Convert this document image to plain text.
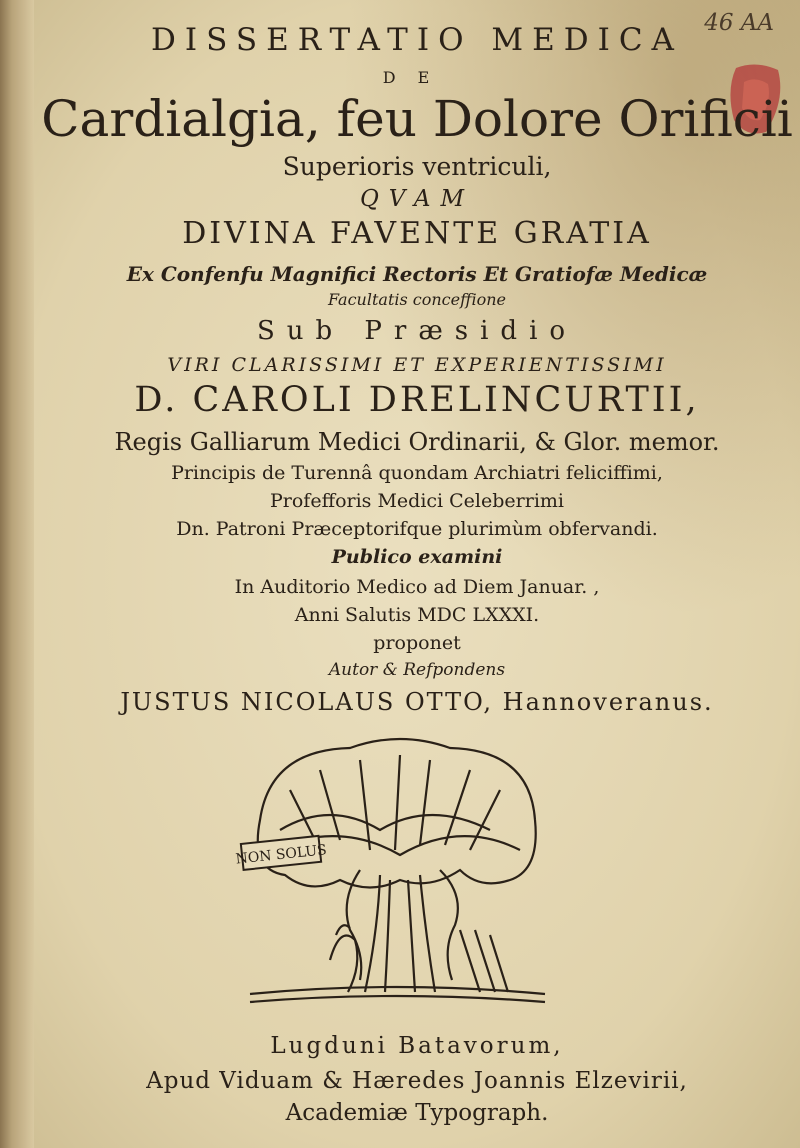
46 AA
DISSERTATIO MEDICA
DE
Cardialgia, feu Dolore Orificii
Superioris ventriculi,
QVAM
DIVINA FAVENTE GRATIA
Ex Confenfu Magnifici Rectoris Et Gratiofæ Medicæ
Facultatis conceffione
Sub Præsidio
VIRI CLARISSIMI ET EXPERIENTISSIMI
D. CAROLI DRELINCURTII,
Regis Galliarum Medici Ordinarii, & Glor. memor.
Principis de Turennâ quondam Archiatri feliciffimi,
Profefforis Medici Celeberrimi
Dn. Patroni Præceptorifque plurimùm obfervandi.
Publico examini
In Auditorio Medico ad Diem Januar. ,
Anni Salutis MDC LXXXI.
proponet
Autor & Refpondens
JUSTUS NICOLAUS OTTO, Hannoveranus.
NON SOLUS
Lugduni Batavorum,
Apud Viduam & Hæredes Joannis Elzevirii,
Academiæ Typograph.
